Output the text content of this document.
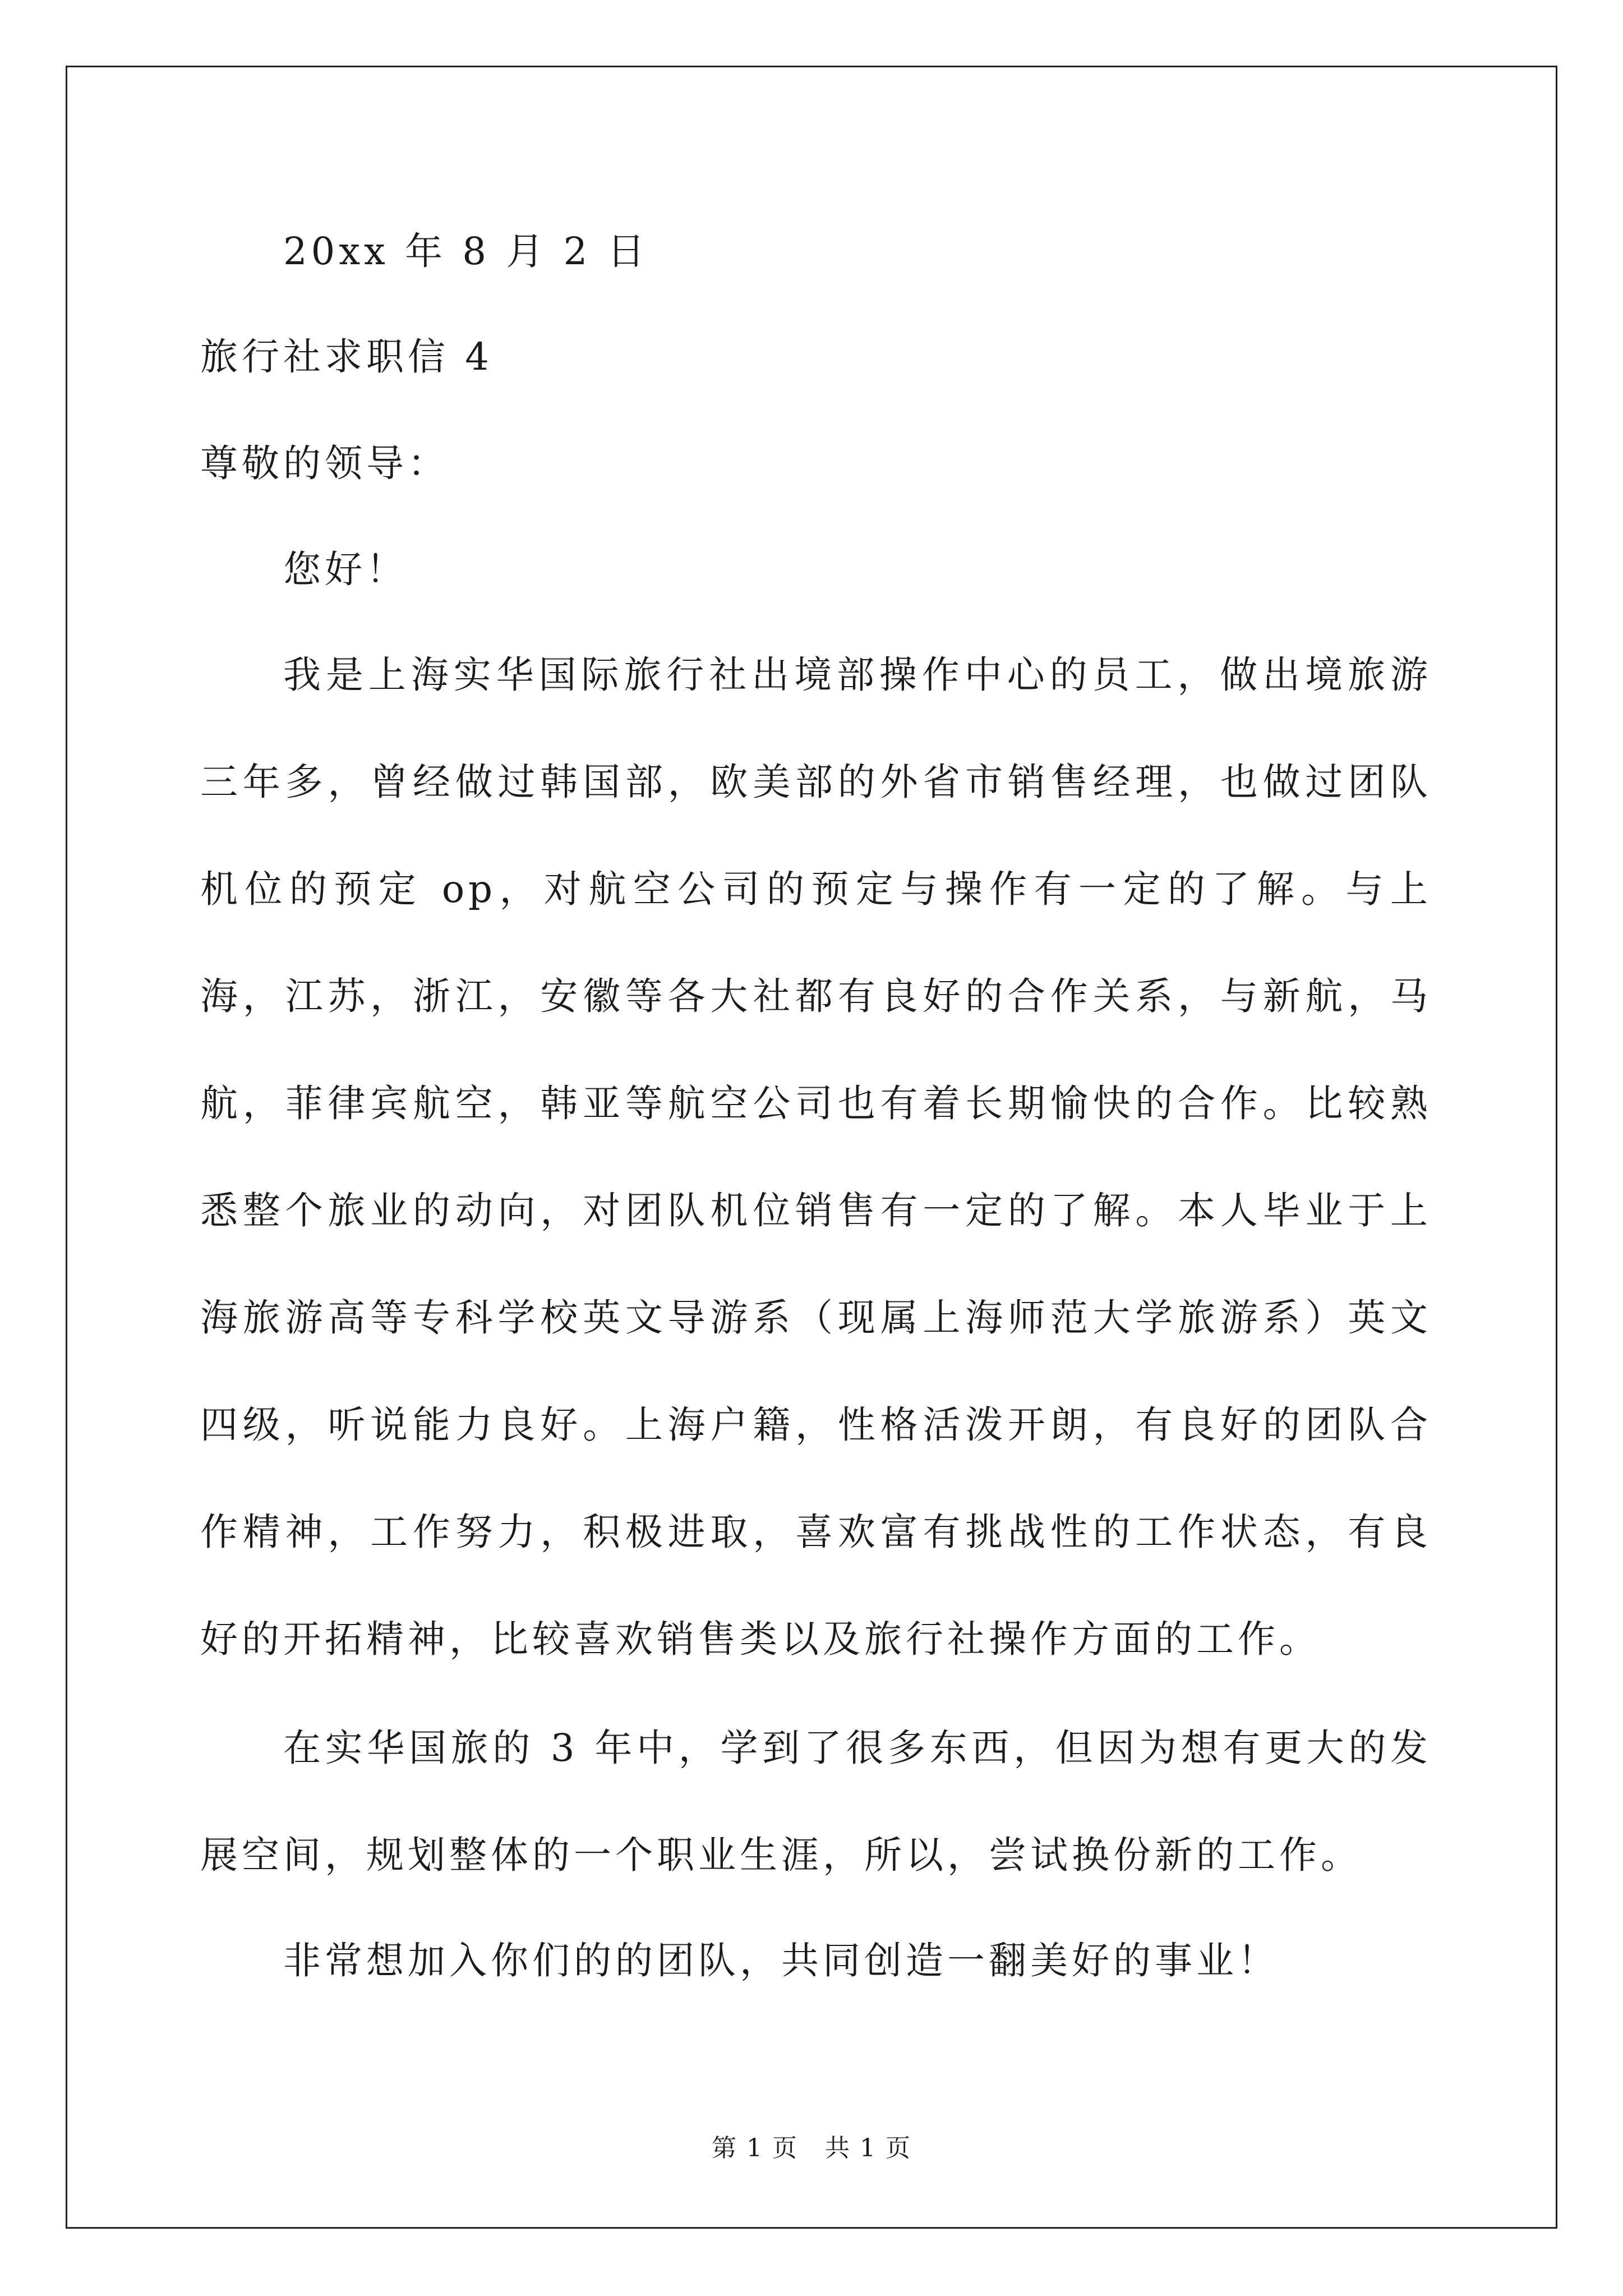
20xx 年 8 月 2 日
旅行社求职信 4
尊敬的领导：
您好！
我是上海实华国际旅行社出境部操作中心的员工，做出境旅游三年多，曾经做过韩国部，欧美部的外省市销售经理，也做过团队机位的预定 op，对航空公司的预定与操作有一定的了解。与上海，江苏，浙江，安徽等各大社都有良好的合作关系，与新航，马航，菲律宾航空，韩亚等航空公司也有着长期愉快的合作。比较熟悉整个旅业的动向，对团队机位销售有一定的了解。本人毕业于上海旅游高等专科学校英文导游系（现属上海师范大学旅游系）英文四级，听说能力良好。上海户籍，性格活泼开朗，有良好的团队合作精神，工作努力，积极进取，喜欢富有挑战性的工作状态，有良好的开拓精神，比较喜欢销售类以及旅行社操作方面的工作。
在实华国旅的 3 年中，学到了很多东西，但因为想有更大的发展空间，规划整体的一个职业生涯，所以，尝试换份新的工作。
非常想加入你们的的团队，共同创造一翻美好的事业！
第 1 页 共 1 页
